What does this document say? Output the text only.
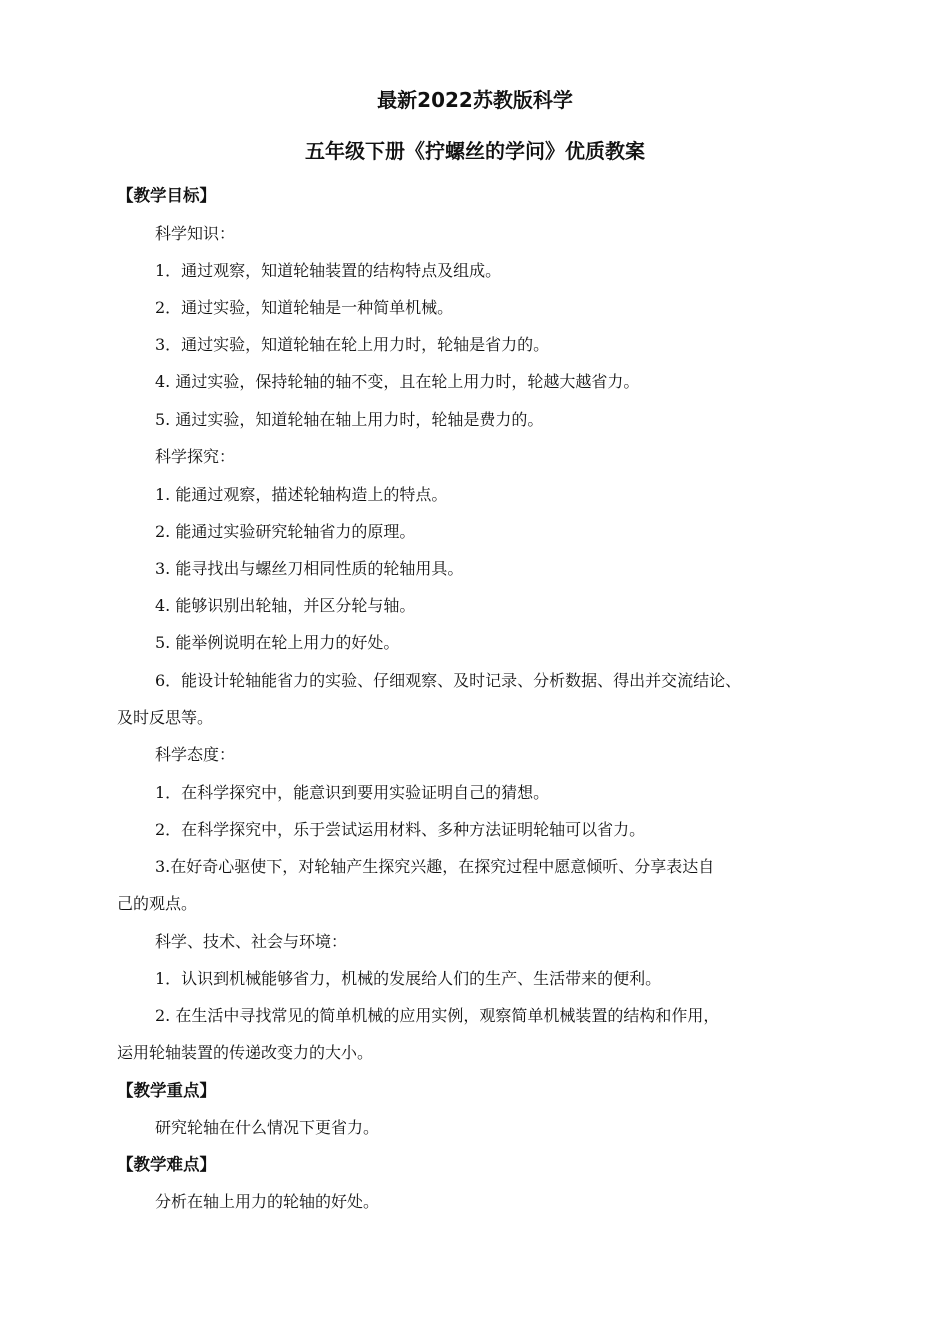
最新2022苏教版科学
五年级下册《拧螺丝的学问》优质教案
【教学目标】
科学知识：
1．通过观察，知道轮轴装置的结构特点及组成。
2．通过实验，知道轮轴是一种简单机械。
3．通过实验，知道轮轴在轮上用力时，轮轴是省力的。
4. 通过实验，保持轮轴的轴不变，且在轮上用力时，轮越大越省力。
5. 通过实验，知道轮轴在轴上用力时，轮轴是费力的。
科学探究：
1. 能通过观察，描述轮轴构造上的特点。
2. 能通过实验研究轮轴省力的原理。
3. 能寻找出与螺丝刀相同性质的轮轴用具。
4. 能够识别出轮轴，并区分轮与轴。
5. 能举例说明在轮上用力的好处。
6．能设计轮轴能省力的实验、仔细观察、及时记录、分析数据、得出并交流结论、
及时反思等。
科学态度：
1．在科学探究中，能意识到要用实验证明自己的猜想。
2．在科学探究中，乐于尝试运用材料、多种方法证明轮轴可以省力。
3.在好奇心驱使下，对轮轴产生探究兴趣，在探究过程中愿意倾听、分享表达自
己的观点。
科学、技术、社会与环境：
1．认识到机械能够省力，机械的发展给人们的生产、生活带来的便利。
2. 在生活中寻找常见的简单机械的应用实例，观察简单机械装置的结构和作用，
运用轮轴装置的传递改变力的大小。
【教学重点】
研究轮轴在什么情况下更省力。
【教学难点】
分析在轴上用力的轮轴的好处。
